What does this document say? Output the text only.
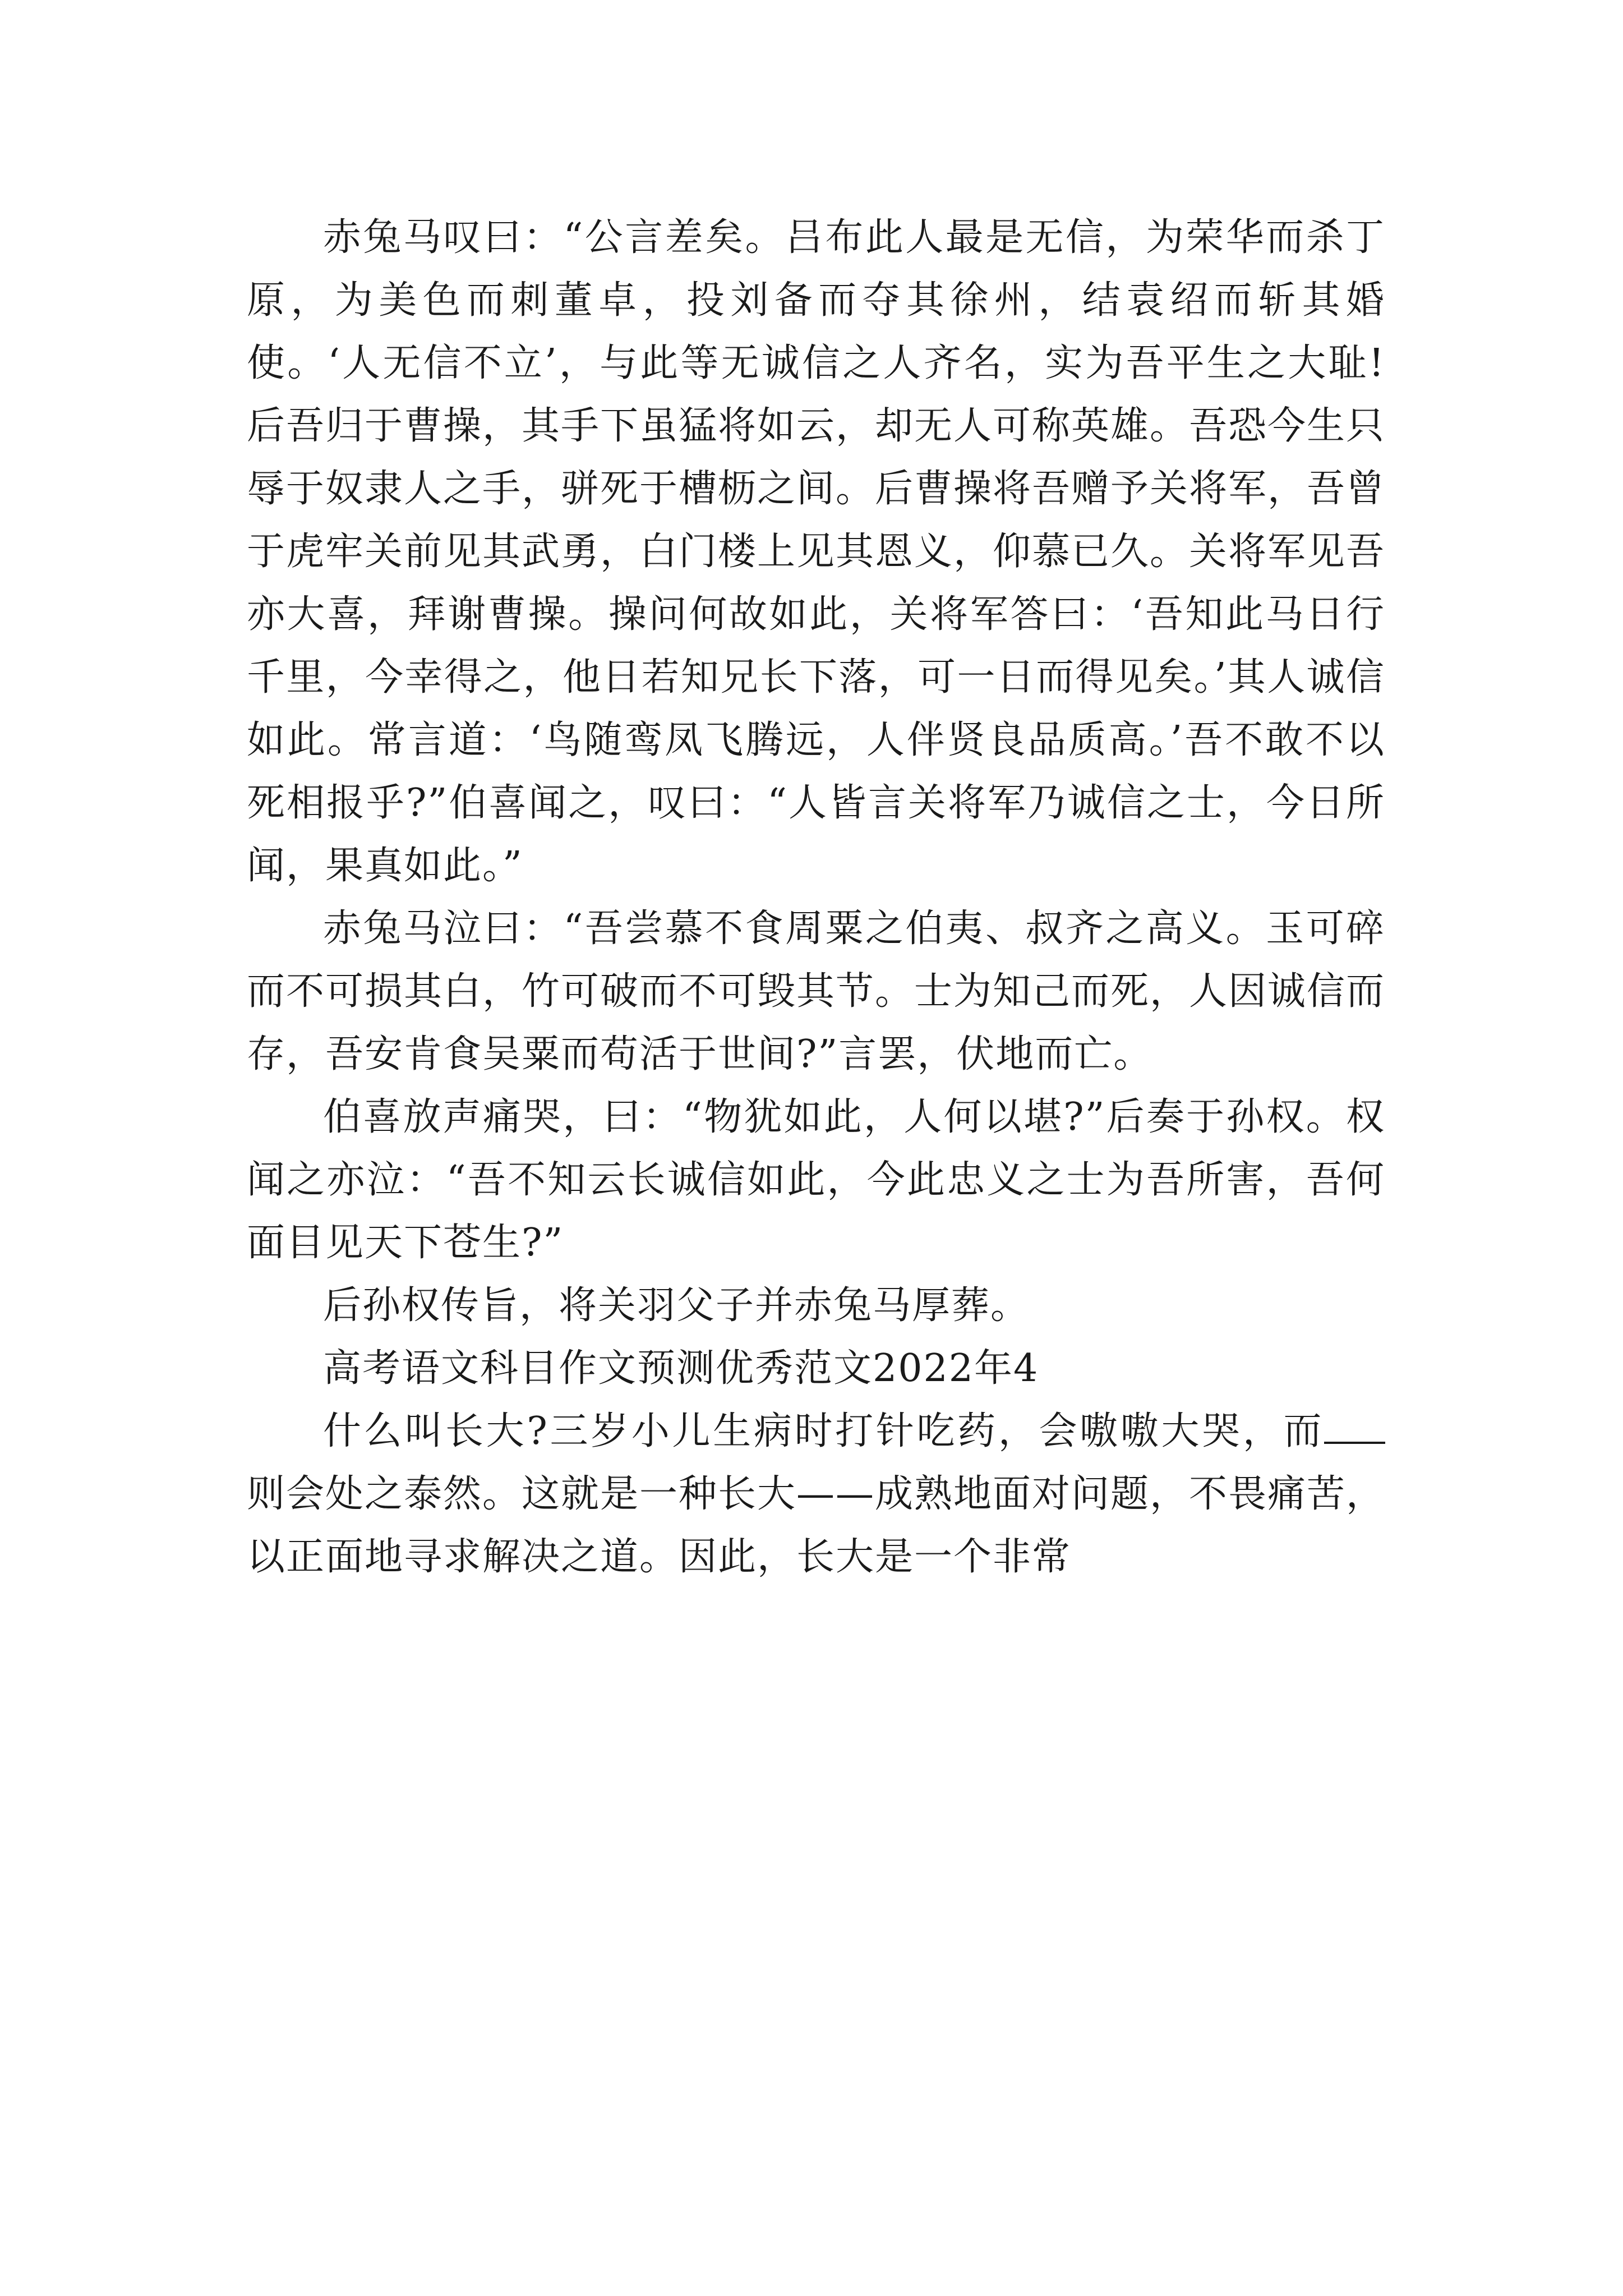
赤兔马叹曰：“公言差矣。吕布此人最是无信，为荣华而杀丁原，为美色而刺董卓，投刘备而夺其徐州，结袁绍而斩其婚使。‘人无信不立’，与此等无诚信之人齐名，实为吾平生之大耻!后吾归于曹操，其手下虽猛将如云，却无人可称英雄。吾恐今生只辱于奴隶人之手，骈死于槽枥之间。后曹操将吾赠予关将军，吾曾于虎牢关前见其武勇，白门楼上见其恩义，仰慕已久。关将军见吾亦大喜，拜谢曹操。操问何故如此，关将军答曰：‘吾知此马日行千里，今幸得之，他日若知兄长下落，可一日而得见矣。’其人诚信如此。常言道：‘鸟随鸾凤飞腾远，人伴贤良品质高。’吾不敢不以死相报乎?”伯喜闻之，叹曰：“人皆言关将军乃诚信之士，今日所闻，果真如此。”

赤兔马泣曰：“吾尝慕不食周粟之伯夷、叔齐之高义。玉可碎而不可损其白，竹可破而不可毁其节。士为知己而死，人因诚信而存，吾安肯食吴粟而苟活于世间?”言罢，伏地而亡。

伯喜放声痛哭，曰：“物犹如此，人何以堪?”后奏于孙权。权闻之亦泣：“吾不知云长诚信如此，今此忠义之士为吾所害，吾何面目见天下苍生?”

后孙权传旨，将关羽父子并赤兔马厚葬。

高考语文科目作文预测优秀范文2022年4

什么叫长大?三岁小儿生病时打针吃药，会嗷嗷大哭，而则会处之泰然。这就是一种长大——成熟地面对问题，不畏痛苦，以正面地寻求解决之道。因此，长大是一个非常
